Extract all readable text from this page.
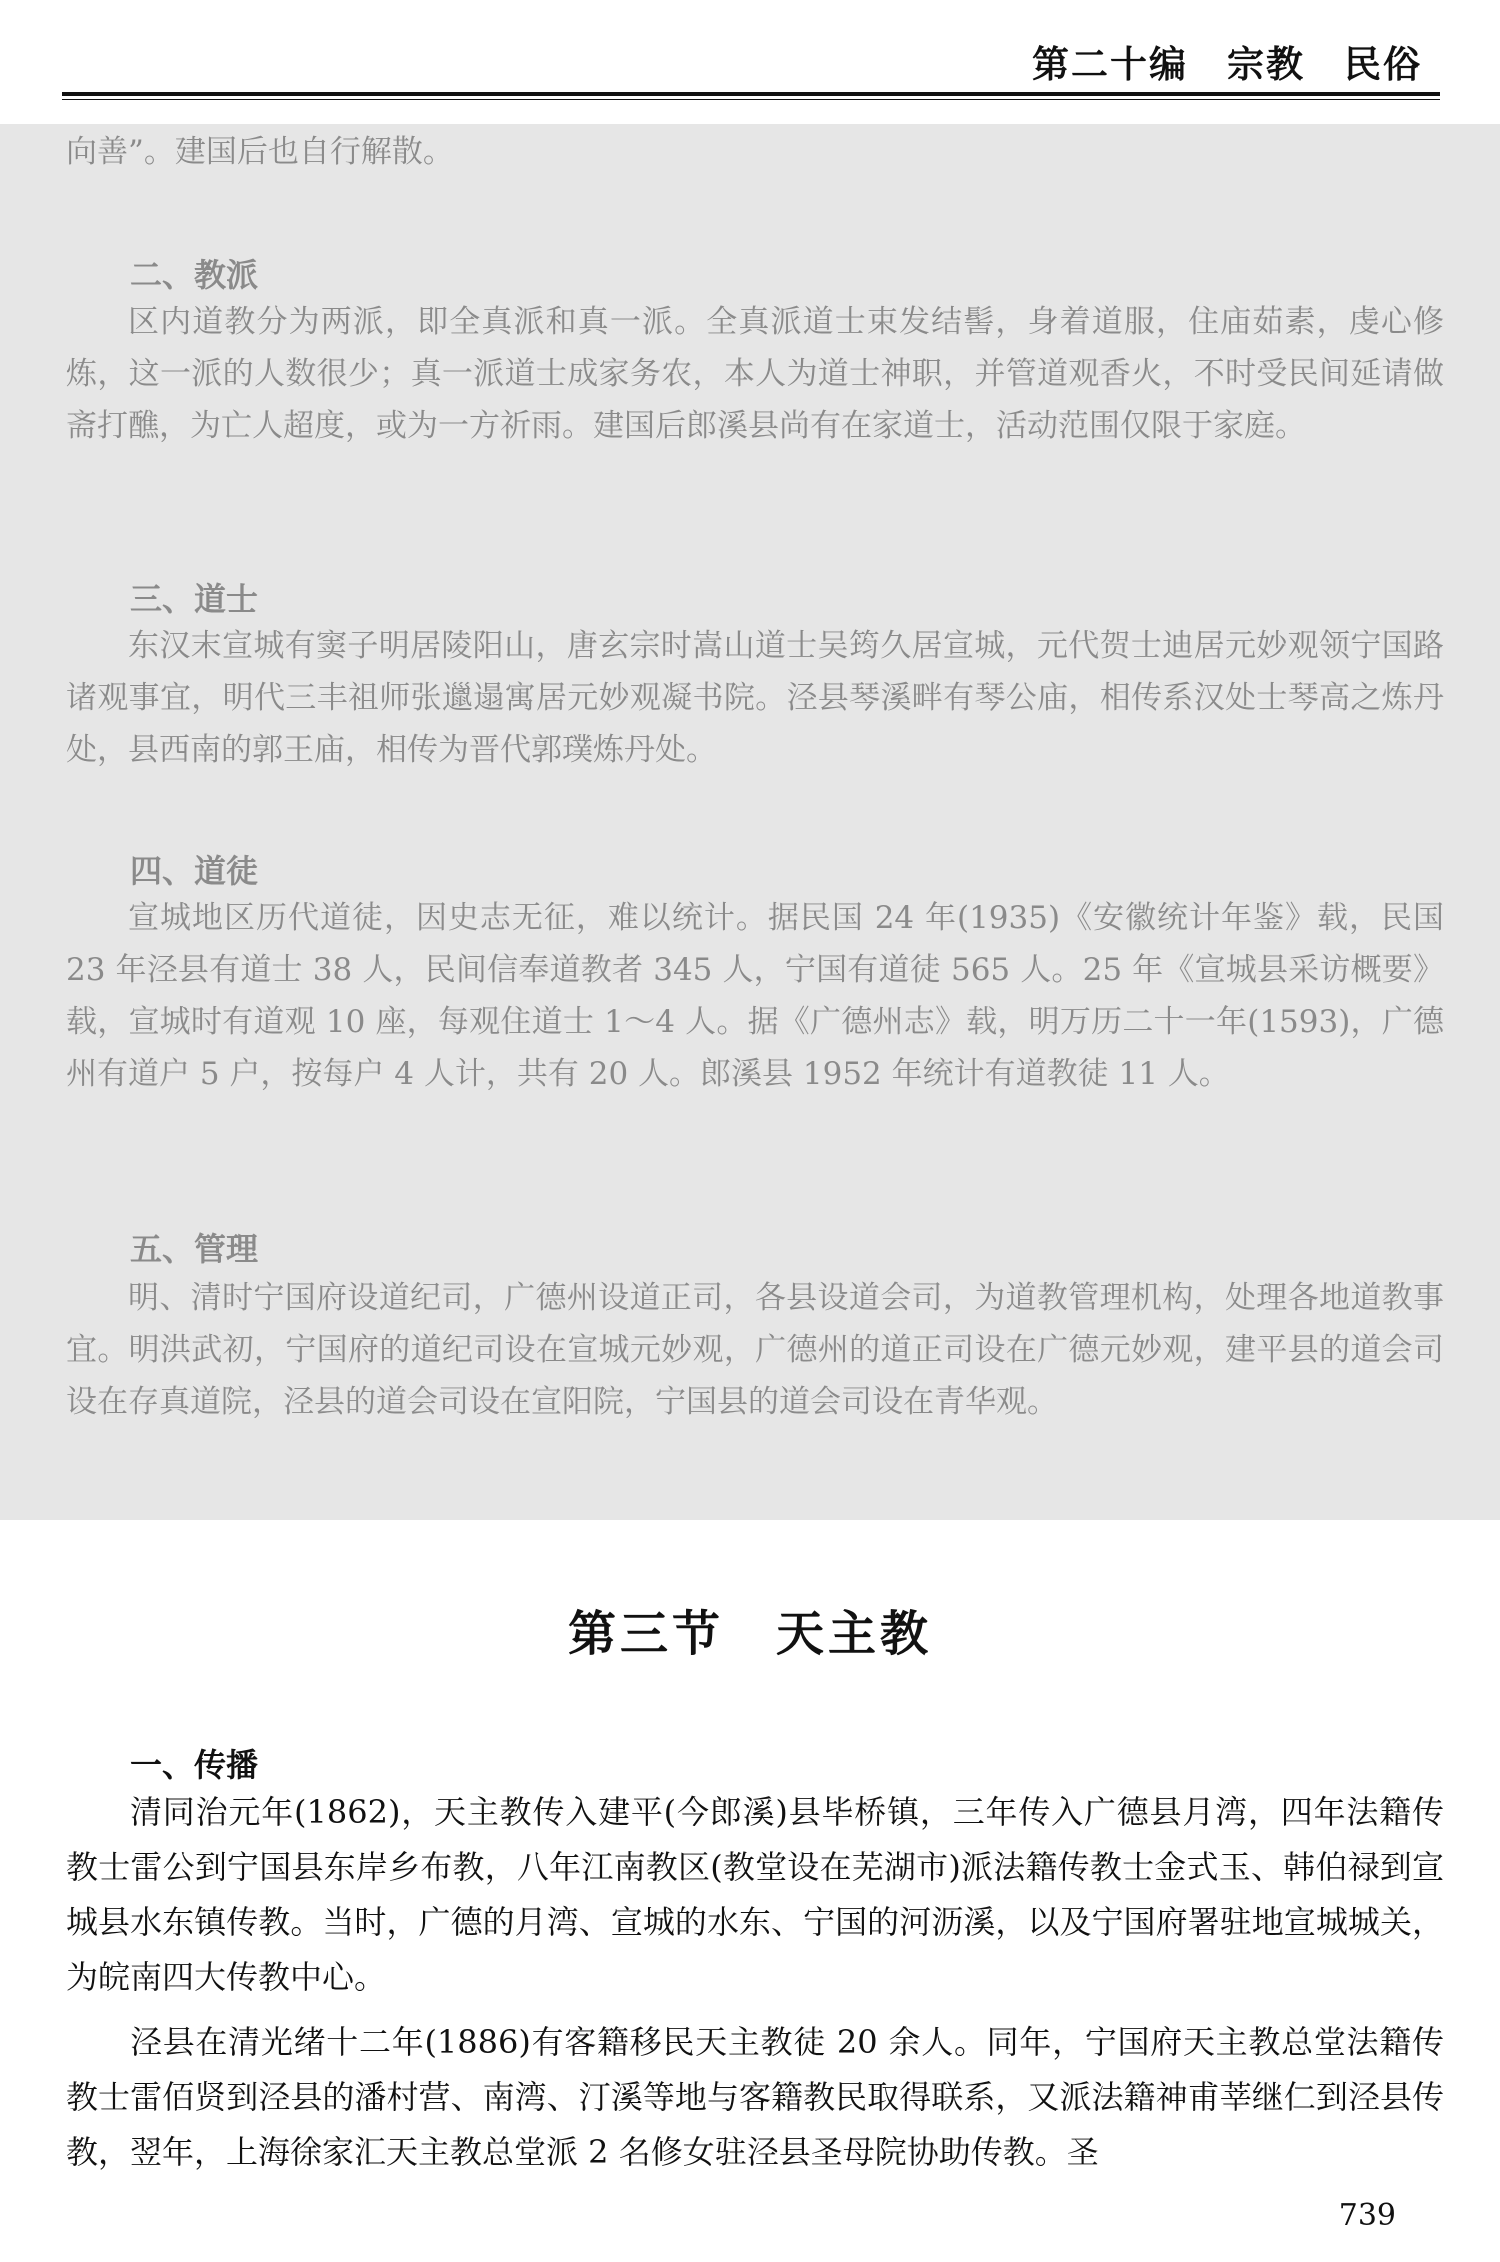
第二十编　宗教　民俗

向善”。建国后也自行解散。

二、教派

区内道教分为两派，即全真派和真一派。全真派道士束发结髻，身着道服，住庙茹素，虔心修炼，这一派的人数很少；真一派道士成家务农，本人为道士神职，并管道观香火，不时受民间延请做斋打醮，为亡人超度，或为一方祈雨。建国后郎溪县尚有在家道士，活动范围仅限于家庭。

三、道士

东汉末宣城有窦子明居陵阳山，唐玄宗时嵩山道士吴筠久居宣城，元代贺士迪居元妙观领宁国路诸观事宜，明代三丰祖师张邋遢寓居元妙观凝书院。泾县琴溪畔有琴公庙，相传系汉处士琴高之炼丹处，县西南的郭王庙，相传为晋代郭璞炼丹处。

四、道徒

宣城地区历代道徒，因史志无征，难以统计。据民国 24 年(1935)《安徽统计年鉴》载，民国 23 年泾县有道士 38 人，民间信奉道教者 345 人，宁国有道徒 565 人。25 年《宣城县采访概要》载，宣城时有道观 10 座，每观住道士 1～4 人。据《广德州志》载，明万历二十一年(1593)，广德州有道户 5 户，按每户 4 人计，共有 20 人。郎溪县 1952 年统计有道教徒 11 人。

五、管理

明、清时宁国府设道纪司，广德州设道正司，各县设道会司，为道教管理机构，处理各地道教事宜。明洪武初，宁国府的道纪司设在宣城元妙观，广德州的道正司设在广德元妙观，建平县的道会司设在存真道院，泾县的道会司设在宣阳院，宁国县的道会司设在青华观。

第三节　天主教
一、传播

清同治元年(1862)，天主教传入建平(今郎溪)县毕桥镇，三年传入广德县月湾，四年法籍传教士雷公到宁国县东岸乡布教，八年江南教区(教堂设在芜湖市)派法籍传教士金式玉、韩伯禄到宣城县水东镇传教。当时，广德的月湾、宣城的水东、宁国的河沥溪，以及宁国府署驻地宣城城关，为皖南四大传教中心。

泾县在清光绪十二年(1886)有客籍移民天主教徒 20 余人。同年，宁国府天主教总堂法籍传教士雷佰贤到泾县的潘村营、南湾、汀溪等地与客籍教民取得联系，又派法籍神甫莘继仁到泾县传教，翌年，上海徐家汇天主教总堂派 2 名修女驻泾县圣母院协助传教。圣

739
